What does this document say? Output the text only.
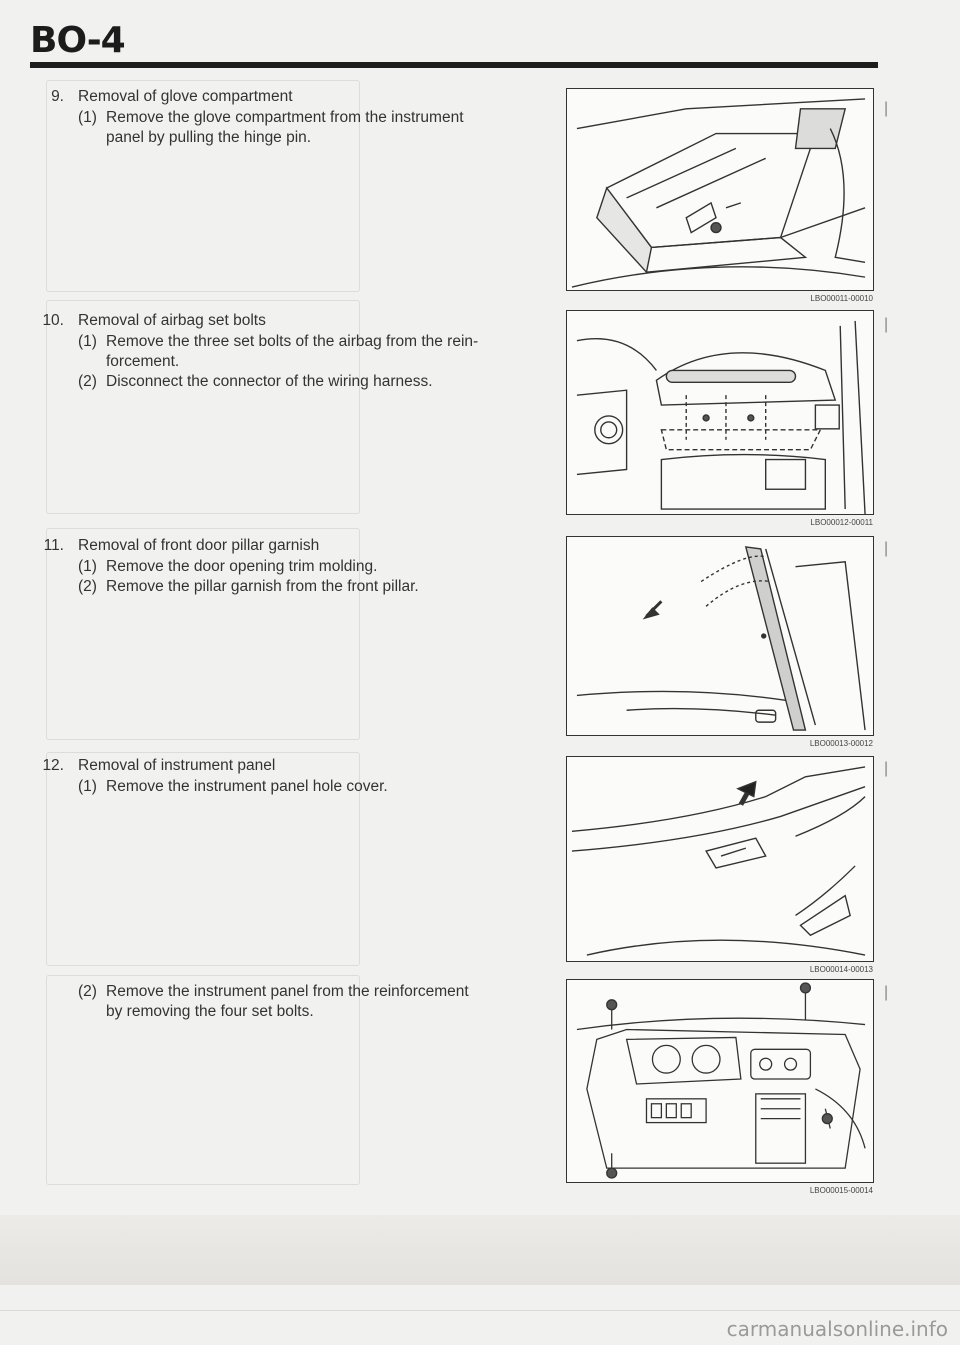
BO-4
9. Removal of glove compartment
(1) Remove the glove compartment from the instrument
panel by pulling the hinge pin.
LBO00011-00010
10. Removal of airbag set bolts
(1) Remove the three set bolts of the airbag from the rein-
forcement.
(2) Disconnect the connector of the wiring harness.
LBO00012-00011
11. Removal of front door pillar garnish
(1) Remove the door opening trim molding.
(2) Remove the pillar garnish from the front pillar.
LBO00013-00012
12. Removal of instrument panel
(1) Remove the instrument panel hole cover.
LBO00014-00013
(2) Remove the instrument panel from the reinforcement
by removing the four set bolts.
LBO00015-00014
|
|
|
|
|
carmanualsonline.info
